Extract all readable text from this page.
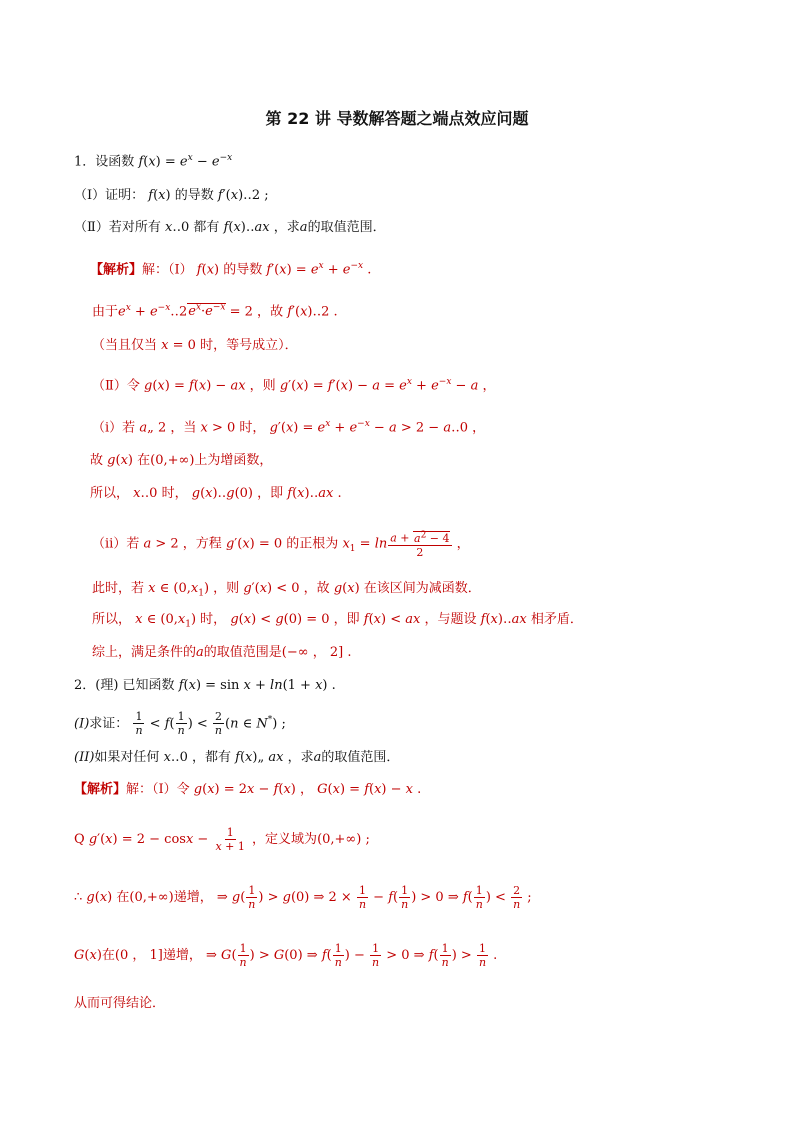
第 22 讲 导数解答题之端点效应问题
1．设函数 $f(x) = e^x - e^{-x}$
（Ⅰ）证明： f(x) 的导数 f′(x)‥2 ;
（Ⅱ）若对所有 x‥0 都有 f(x)‥ax ，求a的取值范围．
【解析】解：（Ⅰ） f(x) 的导数 $f'(x) = e^x + e^{-x}$ .
由于$e^x$ + $e^{-x}‥2e^x\cdot e^{-x} = 2$ ，故 f′(x)‥2 .
（当且仅当 x = 0 时，等号成立）．
（Ⅱ）令 g(x) = f(x) − ax ，则 $g'(x) = f'(x) - a = e^x + e^{-x} - a$ ，
（ⅰ）若 a„ 2 ，当 x > 0 时， $g'(x) = e^x + e^{-x} - a > 2$ − a‥0 ，
故 g(x) 在(0,+∞)上为增函数，
所以， x‥0 时， g(x)‥g(0) ，即 f(x)‥ax .
（ⅱ）若 a > 2 ，方程 g′(x) = 0 的正根为 $x_1 = \ln \frac{a + a^2 - 4}{2}$ ，
此时，若 x ∈ $(0,x_1)$ ，则 g′(x) < 0 ，故 g(x) 在该区间为减函数．
所以， x ∈ $(0,x_1)$ 时， g(x) < g(0) = 0 ，即 f(x) < ax ，与题设 f(x)‥ax 相矛盾．
综上，满足条件的a的取值范围是(−∞ ， 2] .
2．(理) 已知函数 f(x) = sin x + ln(1 + x) .
(I)求证： $\frac{1}{n} < f( \frac{1}{n}$ ) < $\frac{2}{n} (n$ ∈ N*) ;
(II)如果对任何 x‥0 ，都有 f(x)„ ax ，求a的取值范围．
【解析】解：（Ⅰ）令 g(x) = 2x − f(x) ， G(x) = f(x) − x .
Q $g'(x) = 2 - \cos x - \frac{1}{x + 1}$ ，定义域为(0,+∞) ;
∴ g(x) 在(0,+∞)递增， ⇒ $g( \frac{1}{n}$ ) > g(0) ⇒ $2 \times \frac{1}{n} - f( \frac{1}{n}$ ) > 0 ⇒ $f( \frac{1}{n}$ ) < $\frac{2}{n}$ ;
G(x)在(0 ， 1]递增， ⇒ $G( \frac{1}{n}$ ) > G(0) ⇒ $f( \frac{1}{n}$ ) − $\frac{1}{n} > 0$ ⇒ $f( \frac{1}{n}$ ) > $\frac{1}{n}$ .
从而可得结论．
